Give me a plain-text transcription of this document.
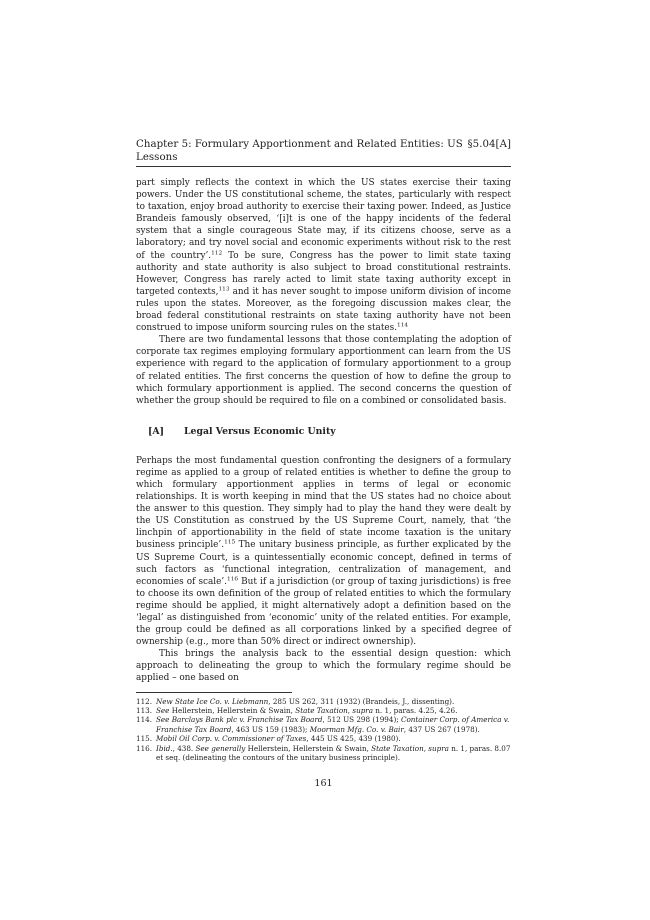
Chapter 5: Formulary Apportionment and Related Entities: US Lessons
§5.04[A]

part simply reflects the context in which the US states exercise their taxing powers. Under the US constitutional scheme, the states, particularly with respect to taxation, enjoy broad authority to exercise their taxing power. Indeed, as Justice Brandeis famously observed, ‘[i]t is one of the happy incidents of the federal system that a single courageous State may, if its citizens choose, serve as a laboratory; and try novel social and economic experiments without risk to the rest of the country’.$^{112}$ To be sure, Congress has the power to limit state taxing authority and state authority is also subject to broad constitutional restraints. However, Congress has rarely acted to limit state taxing authority except in targeted contexts,$^{113}$ and it has never sought to impose uniform division of income rules upon the states. Moreover, as the foregoing discussion makes clear, the broad federal constitutional restraints on state taxing authority have not been construed to impose uniform sourcing rules on the states.$^{114}$

There are two fundamental lessons that those contemplating the adoption of corporate tax regimes employing formulary apportionment can learn from the US experience with regard to the application of formulary apportionment to a group of related entities. The first concerns the question of how to define the group to which formulary apportionment is applied. The second concerns the question of whether the group should be required to file on a combined or consolidated basis.

[A]	Legal Versus Economic Unity

Perhaps the most fundamental question confronting the designers of a formulary regime as applied to a group of related entities is whether to define the group to which formulary apportionment applies in terms of legal or economic relationships. It is worth keeping in mind that the US states had no choice about the answer to this question. They simply had to play the hand they were dealt by the US Constitution as construed by the US Supreme Court, namely, that ‘the linchpin of apportionability in the field of state income taxation is the unitary business principle’.$^{115}$ The unitary business principle, as further explicated by the US Supreme Court, is a quintessentially economic concept, defined in terms of such factors as ‘functional integration, centralization of management, and economies of scale’.$^{116}$ But if a jurisdiction (or group of taxing jurisdictions) is free to choose its own definition of the group of related entities to which the formulary regime should be applied, it might alternatively adopt a definition based on the ‘legal’ as distinguished from ‘economic’ unity of the related entities. For example, the group could be defined as all corporations linked by a specified degree of ownership (e.g., more than 50% direct or indirect ownership).

This brings the analysis back to the essential design question: which approach to delineating the group to which the formulary regime should be applied – one based on

112. New State Ice Co. v. Liebmann, 285 US 262, 311 (1932) (Brandeis, J., dissenting).
113. See Hellerstein, Hellerstein & Swain, State Taxation, supra n. 1, paras. 4.25, 4.26.
114. See Barclays Bank plc v. Franchise Tax Board, 512 US 298 (1994); Container Corp. of America v. Franchise Tax Board, 463 US 159 (1983); Moorman Mfg. Co. v. Bair, 437 US 267 (1978).
115. Mobil Oil Corp. v. Commissioner of Taxes, 445 US 425, 439 (1980).
116. Ibid., 438. See generally Hellerstein, Hellerstein & Swain, State Taxation, supra n. 1, paras. 8.07 et seq. (delineating the contours of the unitary business principle).
161
